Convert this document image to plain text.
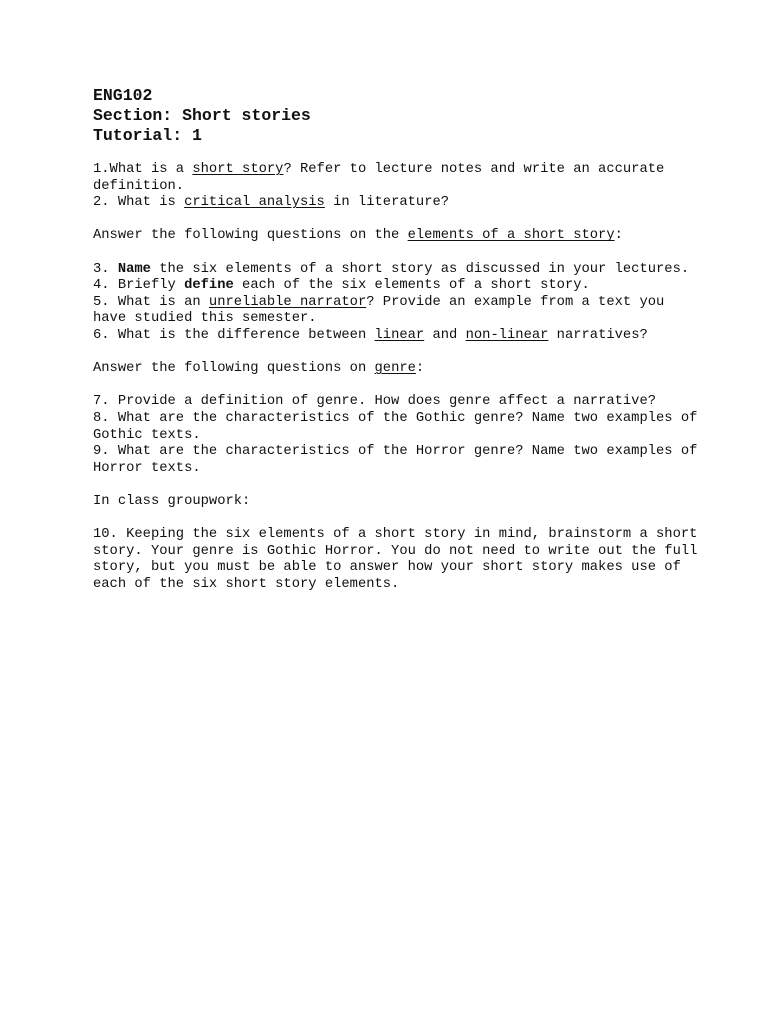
ENG102
Section: Short stories
Tutorial: 1

1.What is a short story? Refer to lecture notes and write an accurate definition.

2. What is critical analysis in literature?

Answer the following questions on the elements of a short story:

3. Name the six elements of a short story as discussed in your lectures.

4. Briefly define each of the six elements of a short story.

5. What is an unreliable narrator? Provide an example from a text you have studied this semester.

6. What is the difference between linear and non-linear narratives?

Answer the following questions on genre:

7. Provide a definition of genre. How does genre affect a narrative?

8. What are the characteristics of the Gothic genre? Name two examples of Gothic texts.

9. What are the characteristics of the Horror genre? Name two examples of Horror texts.

In class groupwork:

10. Keeping the six elements of a short story in mind, brainstorm a short story. Your genre is Gothic Horror. You do not need to write out the full story, but you must be able to answer how your short story makes use of each of the six short story elements.
